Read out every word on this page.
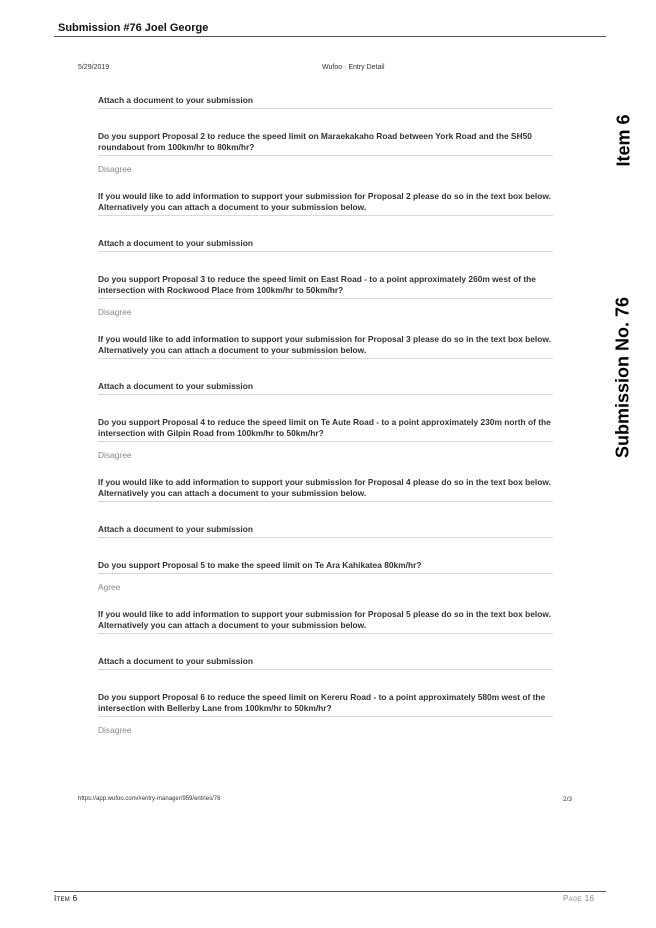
Submission #76 Joel George
5/29/2019	Wufoo · Entry Detail
Item 6
Submission No. 76
Attach a document to your submission
Do you support Proposal 2 to reduce the speed limit on Maraekakaho Road between York Road and the SH50 roundabout from 100km/hr to 80km/hr?
Disagree
If you would like to add information to support your submission for Proposal 2 please do so in the text box below. Alternatively you can attach a document to your submission below.
Attach a document to your submission
Do you support Proposal 3 to reduce the speed limit on East Road - to a point approximately 260m west of the intersection with Rockwood Place from 100km/hr to 50km/hr?
Disagree
If you would like to add information to support your submission for Proposal 3 please do so in the text box below. Alternatively you can attach a document to your submission below.
Attach a document to your submission
Do you support Proposal 4 to reduce the speed limit on Te Aute Road - to a point approximately 230m north of the intersection with Gilpin Road from 100km/hr to 50km/hr?
Disagree
If you would like to add information to support your submission for Proposal 4 please do so in the text box below. Alternatively you can attach a document to your submission below.
Attach a document to your submission
Do you support Proposal 5 to make the speed limit on Te Ara Kahikatea 80km/hr?
Agree
If you would like to add information to support your submission for Proposal 5 please do so in the text box below. Alternatively you can attach a document to your submission below.
Attach a document to your submission
Do you support Proposal 6 to reduce the speed limit on Kereru Road - to a point approximately 580m west of the intersection with Bellerby Lane from 100km/hr to 50km/hr?
Disagree
https://app.wufoo.com/#entry-manager/959/entries/76	2/3
Item 6	Page 16
